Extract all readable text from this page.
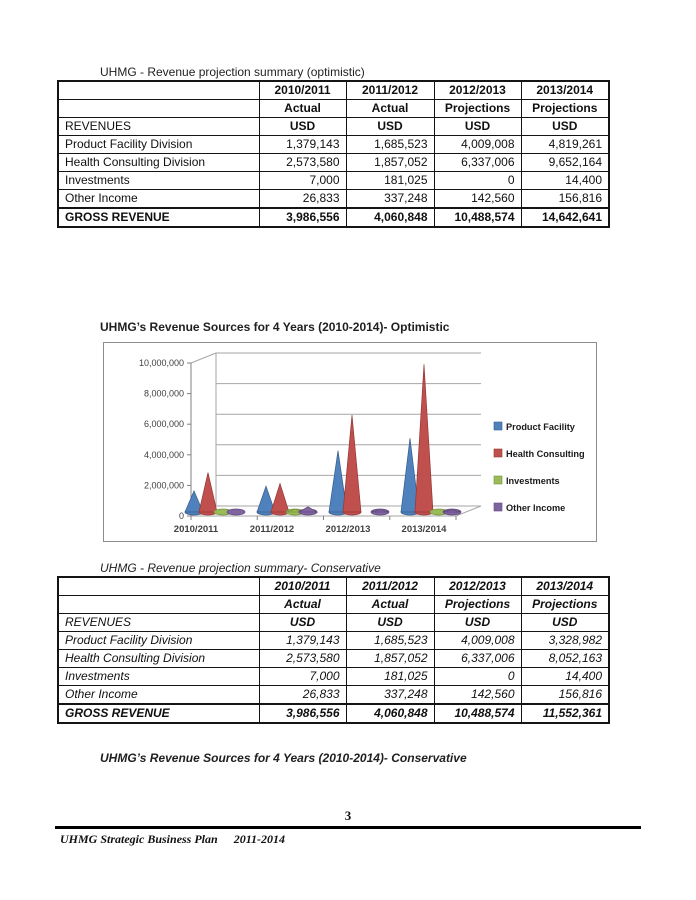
UHMG - Revenue projection summary (optimistic)
	2010/2011	2011/2012	2012/2013	2013/2014
	Actual	Actual	Projections	Projections
REVENUES	USD	USD	USD	USD
Product Facility Division	1,379,143	1,685,523	4,009,008	4,819,261
Health Consulting Division	2,573,580	1,857,052	6,337,006	9,652,164
Investments	7,000	181,025	0	14,400
Other Income	26,833	337,248	142,560	156,816
GROSS REVENUE	3,986,556	4,060,848	10,488,574	14,642,641
UHMG’s Revenue Sources for 4 Years (2010-2014)- Optimistic
0
2,000,000
4,000,000
6,000,000
8,000,000
10,000,000
2010/2011	2011/2012	2012/2013	2013/2014
Product Facility
Health Consulting
Investments
Other Income
UHMG - Revenue projection summary- Conservative
	2010/2011	2011/2012	2012/2013	2013/2014
	Actual	Actual	Projections	Projections
REVENUES	USD	USD	USD	USD
Product Facility Division	1,379,143	1,685,523	4,009,008	3,328,982
Health Consulting Division	2,573,580	1,857,052	6,337,006	8,052,163
Investments	7,000	181,025	0	14,400
Other Income	26,833	337,248	142,560	156,816
GROSS REVENUE	3,986,556	4,060,848	10,488,574	11,552,361
UHMG’s Revenue Sources for 4 Years (2010-2014)- Conservative
3
UHMG Strategic Business Plan 2011-2014
